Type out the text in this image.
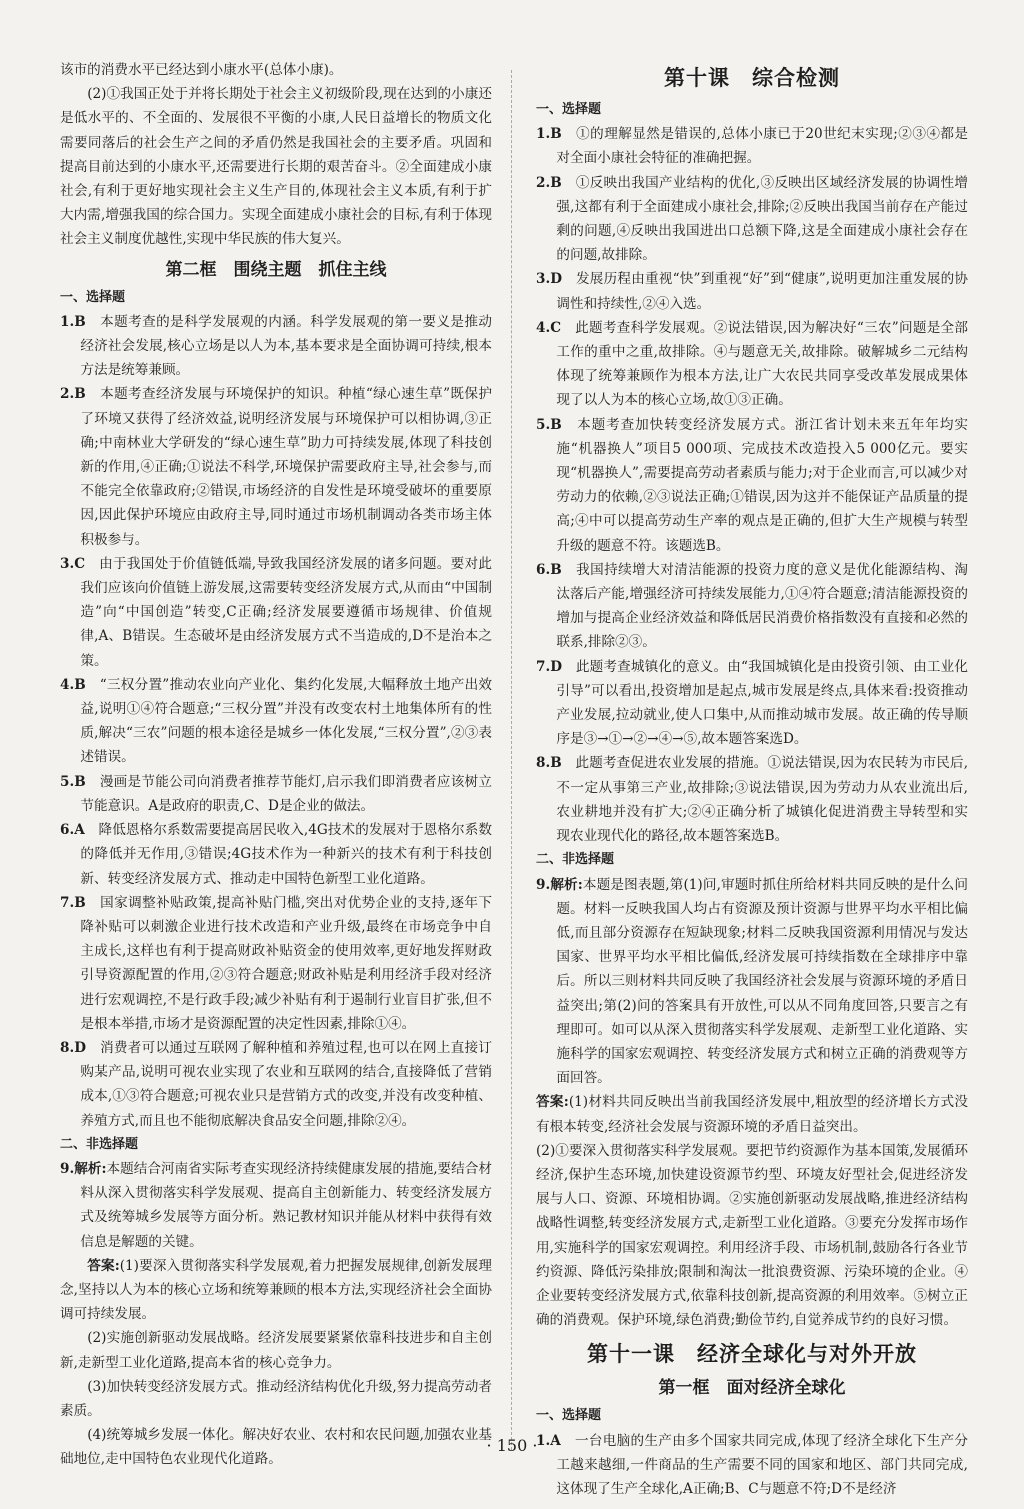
该市的消费水平已经达到小康水平(总体小康)。

(2)①我国正处于并将长期处于社会主义初级阶段,现在达到的小康还是低水平的、不全面的、发展很不平衡的小康,人民日益增长的物质文化需要同落后的社会生产之间的矛盾仍然是我国社会的主要矛盾。巩固和提高目前达到的小康水平,还需要进行长期的艰苦奋斗。②全面建成小康社会,有利于更好地实现社会主义生产目的,体现社会主义本质,有利于扩大内需,增强我国的综合国力。实现全面建成小康社会的目标,有利于体现社会主义制度优越性,实现中华民族的伟大复兴。

第二框　围绕主题　抓住主线

一、选择题

1.B　 本题考查的是科学发展观的内涵。科学发展观的第一要义是推动经济社会发展,核心立场是以人为本,基本要求是全面协调可持续,根本方法是统筹兼顾。

2.B　 本题考查经济发展与环境保护的知识。种植“绿心速生草”既保护了环境又获得了经济效益,说明经济发展与环境保护可以相协调,③正确;中南林业大学研发的“绿心速生草”助力可持续发展,体现了科技创新的作用,④正确;①说法不科学,环境保护需要政府主导,社会参与,而不能完全依靠政府;②错误,市场经济的自发性是环境受破坏的重要原因,因此保护环境应由政府主导,同时通过市场机制调动各类市场主体积极参与。

3.C　 由于我国处于价值链低端,导致我国经济发展的诸多问题。要对此我们应该向价值链上游发展,这需要转变经济发展方式,从而由“中国制造”向“中国创造”转变,C正确;经济发展要遵循市场规律、价值规律,A、B错误。生态破坏是由经济发展方式不当造成的,D不是治本之策。

4.B　 “三权分置”推动农业向产业化、集约化发展,大幅释放土地产出效益,说明①④符合题意;“三权分置”并没有改变农村土地集体所有的性质,解决“三农”问题的根本途径是城乡一体化发展,“三权分置”,②③表述错误。

5.B　 漫画是节能公司向消费者推荐节能灯,启示我们即消费者应该树立节能意识。A是政府的职责,C、D是企业的做法。

6.A　 降低恩格尔系数需要提高居民收入,4G技术的发展对于恩格尔系数的降低并无作用,③错误;4G技术作为一种新兴的技术有利于科技创新、转变经济发展方式、推动走中国特色新型工业化道路。

7.B　 国家调整补贴政策,提高补贴门槛,突出对优势企业的支持,逐年下降补贴可以刺激企业进行技术改造和产业升级,最终在市场竞争中自主成长,这样也有利于提高财政补贴资金的使用效率,更好地发挥财政引导资源配置的作用,②③符合题意;财政补贴是利用经济手段对经济进行宏观调控,不是行政手段;减少补贴有利于遏制行业盲目扩张,但不是根本举措,市场才是资源配置的决定性因素,排除①④。

8.D　 消费者可以通过互联网了解种植和养殖过程,也可以在网上直接订购某产品,说明可视农业实现了农业和互联网的结合,直接降低了营销成本,①③符合题意;可视农业只是营销方式的改变,并没有改变种植、养殖方式,而且也不能彻底解决食品安全问题,排除②④。

二、非选择题

9.解析:本题结合河南省实际考查实现经济持续健康发展的措施,要结合材料从深入贯彻落实科学发展观、提高自主创新能力、转变经济发展方式及统筹城乡发展等方面分析。熟记教材知识并能从材料中获得有效信息是解题的关键。

答案:(1)要深入贯彻落实科学发展观,着力把握发展规律,创新发展理念,坚持以人为本的核心立场和统筹兼顾的根本方法,实现经济社会全面协调可持续发展。

(2)实施创新驱动发展战略。经济发展要紧紧依靠科技进步和自主创新,走新型工业化道路,提高本省的核心竞争力。

(3)加快转变经济发展方式。推动经济结构优化升级,努力提高劳动者素质。

(4)统筹城乡发展一体化。解决好农业、农村和农民问题,加强农业基础地位,走中国特色农业现代化道路。

第十课　综合检测

一、选择题

1.B　 ①的理解显然是错误的,总体小康已于20世纪末实现;②③④都是对全面小康社会特征的准确把握。

2.B　 ①反映出我国产业结构的优化,③反映出区域经济发展的协调性增强,这都有利于全面建成小康社会,排除;②反映出我国当前存在产能过剩的问题,④反映出我国进出口总额下降,这是全面建成小康社会存在的问题,故排除。

3.D　 发展历程由重视“快”到重视“好”到“健康”,说明更加注重发展的协调性和持续性,②④入选。

4.C　 此题考查科学发展观。②说法错误,因为解决好“三农”问题是全部工作的重中之重,故排除。④与题意无关,故排除。破解城乡二元结构体现了统筹兼顾作为根本方法,让广大农民共同享受改革发展成果体现了以人为本的核心立场,故①③正确。

5.B　 本题考查加快转变经济发展方式。浙江省计划未来五年年均实施“机器换人”项目5 000项、完成技术改造投入5 000亿元。要实现“机器换人”,需要提高劳动者素质与能力;对于企业而言,可以减少对劳动力的依赖,②③说法正确;①错误,因为这并不能保证产品质量的提高;④中可以提高劳动生产率的观点是正确的,但扩大生产规模与转型升级的题意不符。该题选B。

6.B　 我国持续增大对清洁能源的投资力度的意义是优化能源结构、淘汰落后产能,增强经济可持续发展能力,①④符合题意;清洁能源投资的增加与提高企业经济效益和降低居民消费价格指数没有直接和必然的联系,排除②③。

7.D　 此题考查城镇化的意义。由“我国城镇化是由投资引领、由工业化引导”可以看出,投资增加是起点,城市发展是终点,具体来看:投资推动产业发展,拉动就业,使人口集中,从而推动城市发展。故正确的传导顺序是③→①→②→④→⑤,故本题答案选D。

8.B　 此题考查促进农业发展的措施。①说法错误,因为农民转为市民后,不一定从事第三产业,故排除;③说法错误,因为劳动力从农业流出后,农业耕地并没有扩大;②④正确分析了城镇化促进消费主导转型和实现农业现代化的路径,故本题答案选B。

二、非选择题

9.解析:本题是图表题,第(1)问,审题时抓住所给材料共同反映的是什么问题。材料一反映我国人均占有资源及预计资源与世界平均水平相比偏低,而且部分资源存在短缺现象;材料二反映我国资源利用情况与发达国家、世界平均水平相比偏低,经济发展可持续指数在全球排序中靠后。所以三则材料共同反映了我国经济社会发展与资源环境的矛盾日益突出;第(2)问的答案具有开放性,可以从不同角度回答,只要言之有理即可。如可以从深入贯彻落实科学发展观、走新型工业化道路、实施科学的国家宏观调控、转变经济发展方式和树立正确的消费观等方面回答。

答案:(1)材料共同反映出当前我国经济发展中,粗放型的经济增长方式没有根本转变,经济社会发展与资源环境的矛盾日益突出。

(2)①要深入贯彻落实科学发展观。要把节约资源作为基本国策,发展循环经济,保护生态环境,加快建设资源节约型、环境友好型社会,促进经济发展与人口、资源、环境相协调。②实施创新驱动发展战略,推进经济结构战略性调整,转变经济发展方式,走新型工业化道路。③要充分发挥市场作用,实施科学的国家宏观调控。利用经济手段、市场机制,鼓励各行各业节约资源、降低污染排放;限制和淘汰一批浪费资源、污染环境的企业。④企业要转变经济发展方式,依靠科技创新,提高资源的利用效率。⑤树立正确的消费观。保护环境,绿色消费;勤俭节约,自觉养成节约的良好习惯。

第十一课　经济全球化与对外开放
第一框　面对经济全球化

一、选择题

1.A　 一台电脑的生产由多个国家共同完成,体现了经济全球化下生产分工越来越细,一件商品的生产需要不同的国家和地区、部门共同完成,这体现了生产全球化,A正确;B、C与题意不符;D不是经济

· 150 ·
